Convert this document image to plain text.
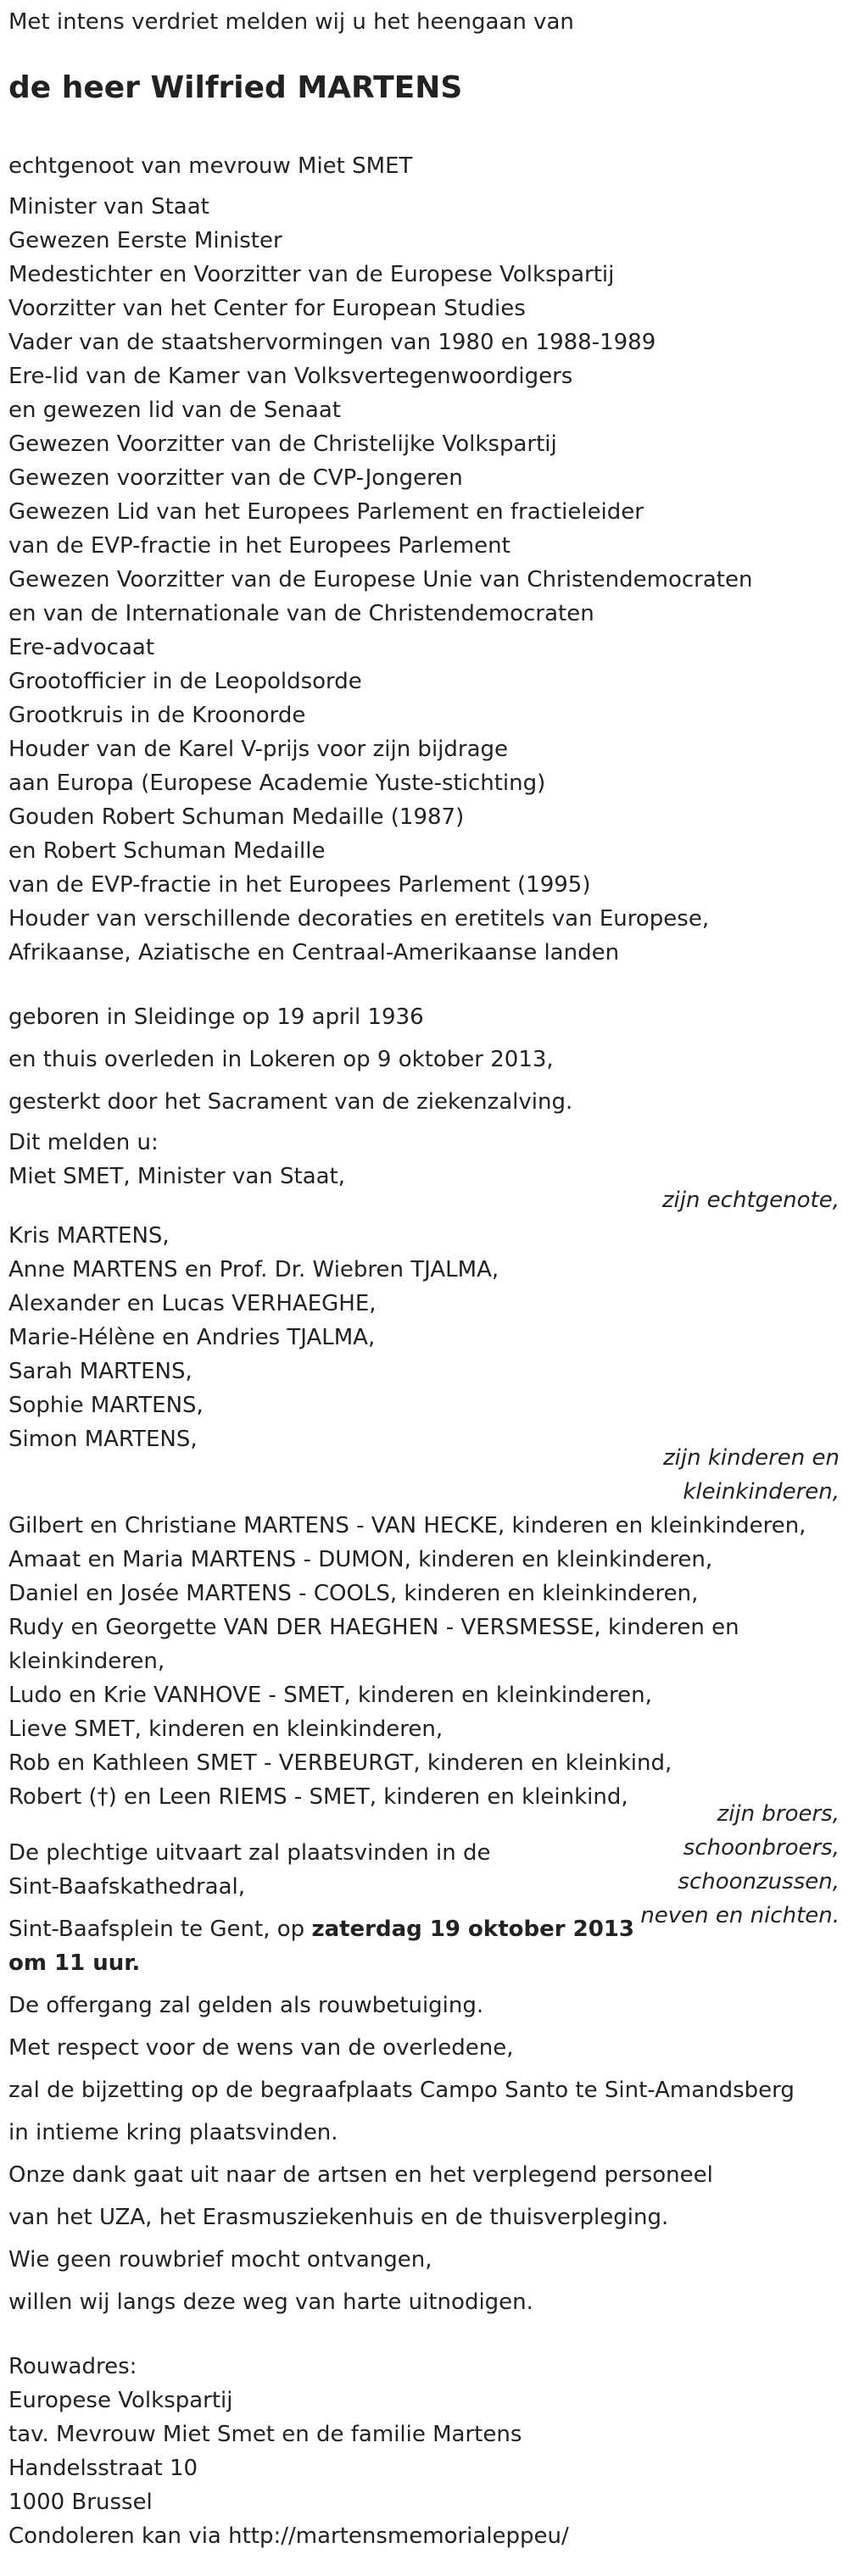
Met intens verdriet melden wij u het heengaan van
de heer Wilfried MARTENS
echtgenoot van mevrouw Miet SMET
Minister van Staat
Gewezen Eerste Minister
Medestichter en Voorzitter van de Europese Volkspartij
Voorzitter van het Center for European Studies
Vader van de staatshervormingen van 1980 en 1988-1989
Ere-lid van de Kamer van Volksvertegenwoordigers
en gewezen lid van de Senaat
Gewezen Voorzitter van de Christelijke Volkspartij
Gewezen voorzitter van de CVP-Jongeren
Gewezen Lid van het Europees Parlement en fractieleider
van de EVP-fractie in het Europees Parlement
Gewezen Voorzitter van de Europese Unie van Christendemocraten
en van de Internationale van de Christendemocraten
Ere-advocaat
Grootofficier in de Leopoldsorde
Grootkruis in de Kroonorde
Houder van de Karel V-prijs voor zijn bijdrage
aan Europa (Europese Academie Yuste-stichting)
Gouden Robert Schuman Medaille (1987)
en Robert Schuman Medaille
van de EVP-fractie in het Europees Parlement (1995)
Houder van verschillende decoraties en eretitels van Europese,
Afrikaanse, Aziatische en Centraal-Amerikaanse landen
geboren in Sleidinge op 19 april 1936
en thuis overleden in Lokeren op 9 oktober 2013,
gesterkt door het Sacrament van de ziekenzalving.
Dit melden u:
Miet SMET, Minister van Staat,
zijn echtgenote,
Kris MARTENS,
Anne MARTENS en Prof. Dr. Wiebren TJALMA,
Alexander en Lucas VERHAEGHE,
Marie-Hélène en Andries TJALMA,
Sarah MARTENS,
Sophie MARTENS,
Simon MARTENS,
zijn kinderen en
kleinkinderen,
Gilbert en Christiane MARTENS - VAN HECKE, kinderen en kleinkinderen,
Amaat en Maria MARTENS - DUMON, kinderen en kleinkinderen,
Daniel en Josée MARTENS - COOLS, kinderen en kleinkinderen,
Rudy en Georgette VAN DER HAEGHEN - VERSMESSE, kinderen en
kleinkinderen,
Ludo en Krie VANHOVE - SMET, kinderen en kleinkinderen,
Lieve SMET, kinderen en kleinkinderen,
Rob en Kathleen SMET - VERBEURGT, kinderen en kleinkind,
Robert (†) en Leen RIEMS - SMET, kinderen en kleinkind,
zijn broers,
schoonbroers,
schoonzussen,
neven en nichten.
De plechtige uitvaart zal plaatsvinden in de
Sint-Baafskathedraal,
Sint-Baafsplein te Gent, op zaterdag 19 oktober 2013
om 11 uur.
De offergang zal gelden als rouwbetuiging.
Met respect voor de wens van de overledene,
zal de bijzetting op de begraafplaats Campo Santo te Sint-Amandsberg
in intieme kring plaatsvinden.
Onze dank gaat uit naar de artsen en het verplegend personeel
van het UZA, het Erasmusziekenhuis en de thuisverpleging.
Wie geen rouwbrief mocht ontvangen,
willen wij langs deze weg van harte uitnodigen.
Rouwadres:
Europese Volkspartij
tav. Mevrouw Miet Smet en de familie Martens
Handelsstraat 10
1000 Brussel
Condoleren kan via http://martensmemorialeppeu/
